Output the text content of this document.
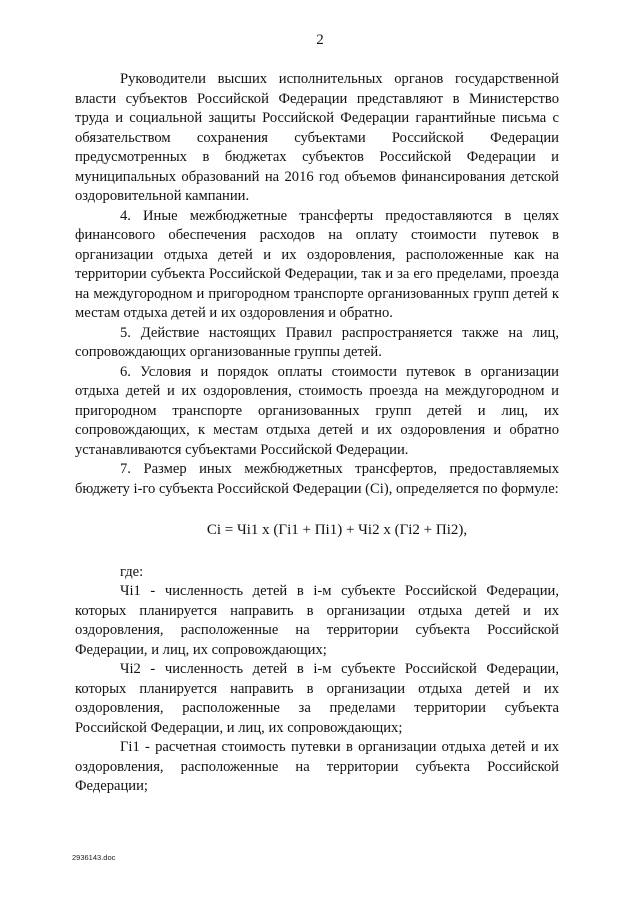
2

Руководители высших исполнительных органов государственной власти субъектов Российской Федерации представляют в Министерство труда и социальной защиты Российской Федерации гарантийные письма с обязательством сохранения субъектами Российской Федерации предусмотренных в бюджетах субъектов Российской Федерации и муниципальных образований на 2016 год объемов финансирования детской оздоровительной кампании.

4. Иные межбюджетные трансферты предоставляются в целях финансового обеспечения расходов на оплату стоимости путевок в организации отдыха детей и их оздоровления, расположенные как на территории субъекта Российской Федерации, так и за его пределами, проезда на междугородном и пригородном транспорте организованных групп детей к местам отдыха детей и их оздоровления и обратно.

5. Действие настоящих Правил распространяется также на лиц, сопровождающих организованные группы детей.

6. Условия и порядок оплаты стоимости путевок в организации отдыха детей и их оздоровления, стоимость проезда на междугородном и пригородном транспорте организованных групп детей и лиц, их сопровождающих, к местам отдыха детей и их оздоровления и обратно устанавливаются субъектами Российской Федерации.

7. Размер иных межбюджетных трансфертов, предоставляемых бюджету i-го субъекта Российской Федерации (Ci), определяется по формуле:

Ci = Чi1 x (Гi1 + Пi1) + Чi2 x (Гi2 + Пi2),

где:

Чi1 - численность детей в i-м субъекте Российской Федерации, которых планируется направить в организации отдыха детей и их оздоровления, расположенные на территории субъекта Российской Федерации, и лиц, их сопровождающих;

Чi2 - численность детей в i-м субъекте Российской Федерации, которых планируется направить в организации отдыха детей и их оздоровления, расположенные за пределами территории субъекта Российской Федерации, и лиц, их сопровождающих;

Гi1 - расчетная стоимость путевки в организации отдыха детей и их оздоровления, расположенные на территории субъекта Российской Федерации;

2936143.doc
